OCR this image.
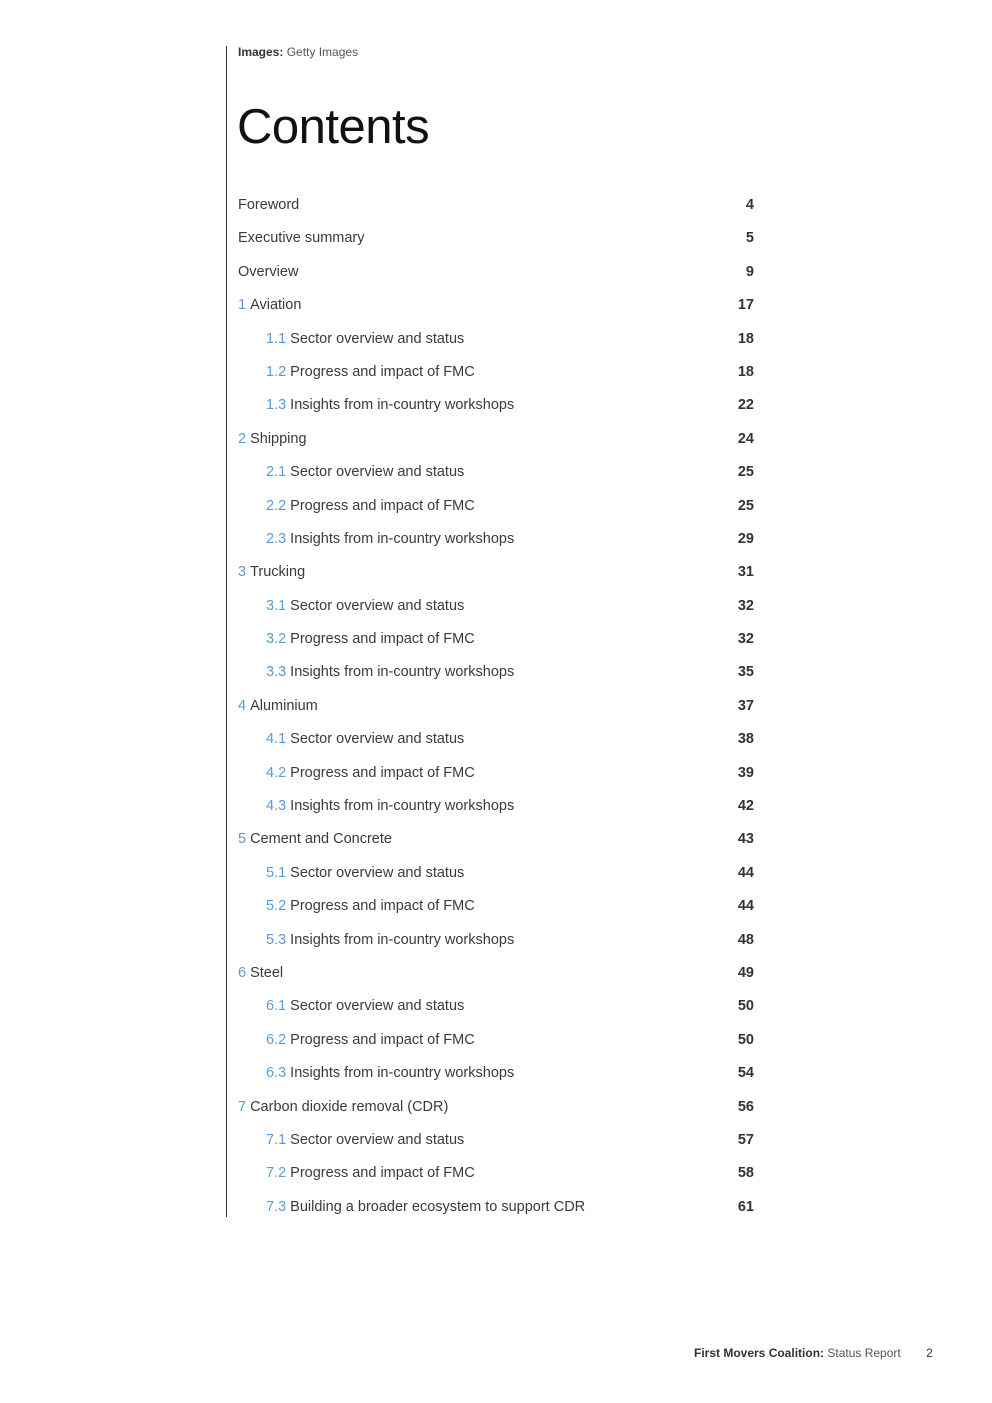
Images: Getty Images
Contents
Foreword	4
Executive summary	5
Overview	9
1 Aviation	17
1.1 Sector overview and status	18
1.2 Progress and impact of FMC	18
1.3 Insights from in-country workshops	22
2 Shipping	24
2.1 Sector overview and status	25
2.2 Progress and impact of FMC	25
2.3 Insights from in-country workshops	29
3 Trucking	31
3.1 Sector overview and status	32
3.2 Progress and impact of FMC	32
3.3 Insights from in-country workshops	35
4 Aluminium	37
4.1 Sector overview and status	38
4.2 Progress and impact of FMC	39
4.3 Insights from in-country workshops	42
5 Cement and Concrete	43
5.1 Sector overview and status	44
5.2 Progress and impact of FMC	44
5.3 Insights from in-country workshops	48
6 Steel	49
6.1 Sector overview and status	50
6.2 Progress and impact of FMC	50
6.3 Insights from in-country workshops	54
7 Carbon dioxide removal (CDR)	56
7.1 Sector overview and status	57
7.2 Progress and impact of FMC	58
7.3 Building a broader ecosystem to support CDR	61
First Movers Coalition: Status Report 2
